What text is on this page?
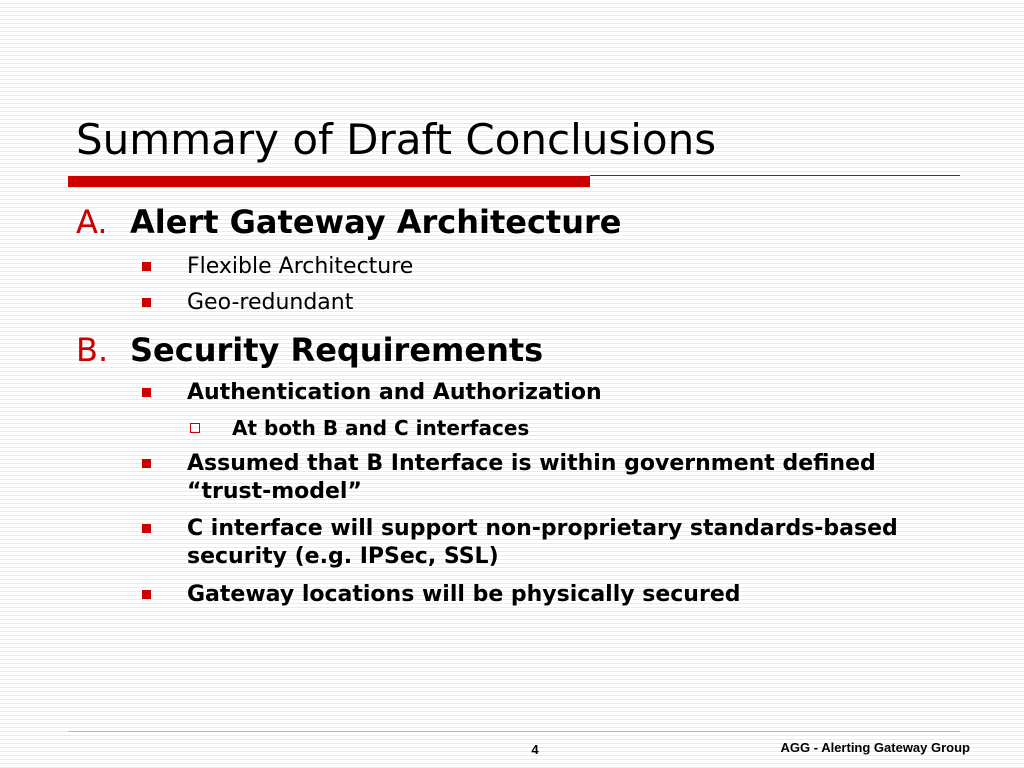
Summary of Draft Conclusions
A. Alert Gateway Architecture
Flexible Architecture
Geo-redundant
B. Security Requirements
Authentication and Authorization
At both B and C interfaces
Assumed that B Interface is within government defined
“trust-model”
C interface will support non-proprietary standards-based
security (e.g. IPSec, SSL)
Gateway locations will be physically secured
4	AGG - Alerting Gateway Group
